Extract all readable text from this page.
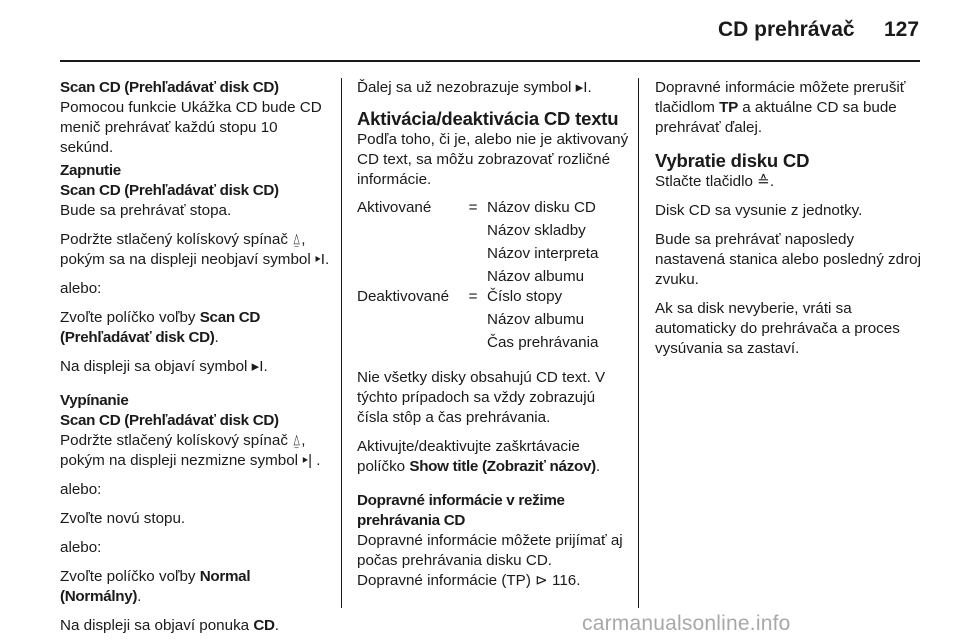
CD prehrávač 127

Scan CD (Prehľadávať disk CD)
Pomocou funkcie Ukážka CD bude CD menič prehrávať každú stopu 10 sekúnd.

Zapnutie
Scan CD (Prehľadávať disk CD)
Bude sa prehrávať stopa.

Podržte stlačený kolískový spínač ⍙, pokým sa na displeji neobjaví symbol ▸I.

alebo:

Zvoľte políčko voľby Scan CD (Prehľadávať disk CD).

Na displeji sa objaví symbol ▸I.

Vypínanie
Scan CD (Prehľadávať disk CD)
Podržte stlačený kolískový spínač ⍙, pokým na displeji nezmizne symbol ▸| .

alebo:

Zvoľte novú stopu.

alebo:

Zvoľte políčko voľby Normal (Normálny).

Na displeji sa objaví ponuka CD.

Ďalej sa už nezobrazuje symbol ▸I.

Aktivácia/deaktivácia CD textu

Podľa toho, či je, alebo nie je aktivovaný CD text, sa môžu zobrazovať rozličné informácie.

Aktivované	= Názov disku CD
Názov skladby
Názov interpreta
Názov albumu
Deaktivované	= Číslo stopy
Názov albumu
Čas prehrávania

Nie všetky disky obsahujú CD text. V týchto prípadoch sa vždy zobrazujú čísla stôp a čas prehrávania.

Aktivujte/deaktivujte zaškrtávacie políčko Show title (Zobraziť názov).

Dopravné informácie v režime prehrávania CD
Dopravné informácie môžete prijímať aj počas prehrávania disku CD.
Dopravné informácie (TP) ⊳ 116.

Dopravné informácie môžete prerušiť tlačidlom TP a aktuálne CD sa bude prehrávať ďalej.

Vybratie disku CD

Stlačte tlačidlo ≙.

Disk CD sa vysunie z jednotky.

Bude sa prehrávať naposledy nastavená stanica alebo posledný zdroj zvuku.

Ak sa disk nevyberie, vráti sa automaticky do prehrávača a proces vysúvania sa zastaví.

carmanualsonline.info
